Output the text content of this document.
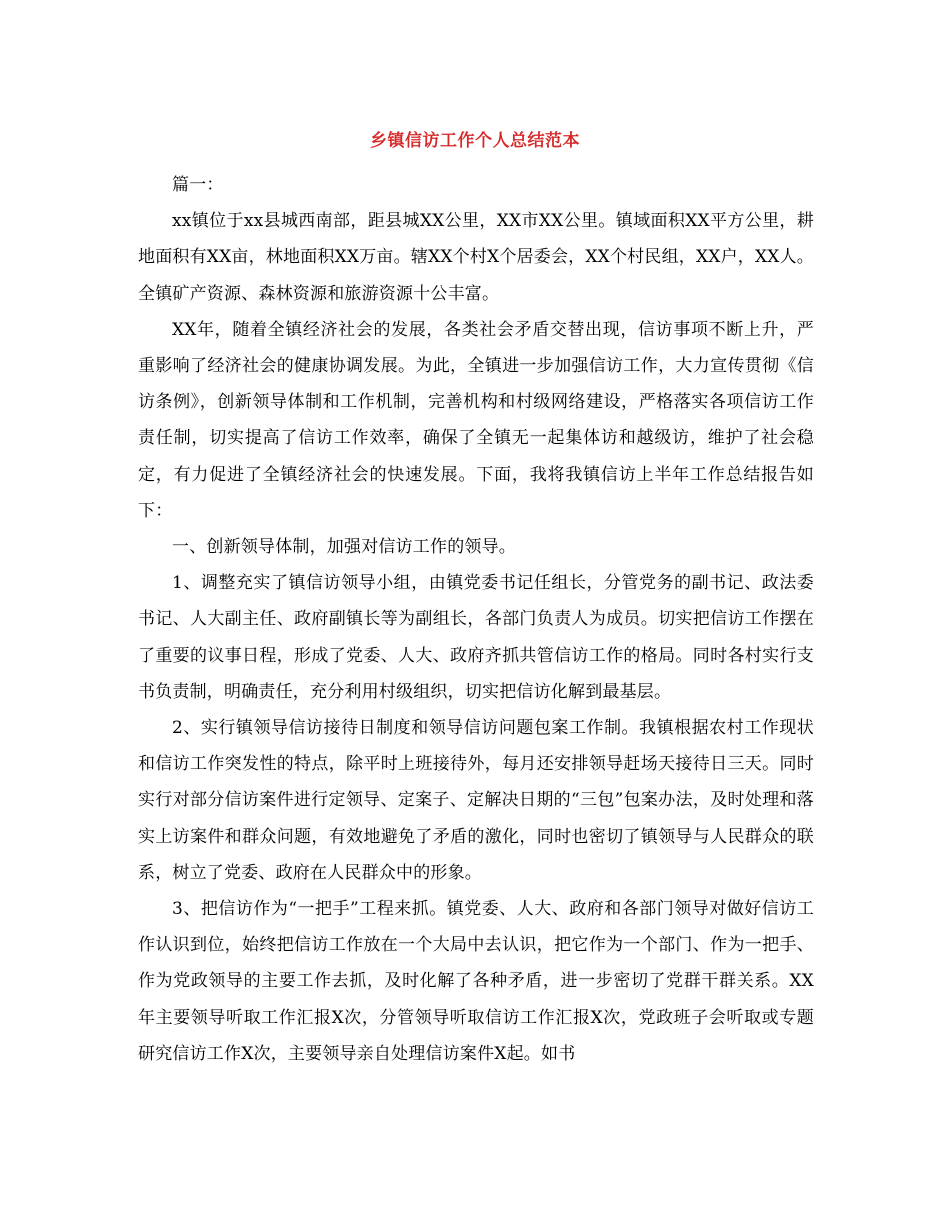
乡镇信访工作个人总结范本

篇一：

xx镇位于xx县城西南部，距县城XX公里，XX市XX公里。镇域面积XX平方公里，耕地面积有XX亩，林地面积XX万亩。辖XX个村X个居委会，XX个村民组，XX户，XX人。全镇矿产资源、森林资源和旅游资源十公丰富。

XX年，随着全镇经济社会的发展，各类社会矛盾交替出现，信访事项不断上升，严重影响了经济社会的健康协调发展。为此，全镇进一步加强信访工作，大力宣传贯彻《信访条例》，创新领导体制和工作机制，完善机构和村级网络建设，严格落实各项信访工作责任制，切实提高了信访工作效率，确保了全镇无一起集体访和越级访，维护了社会稳定，有力促进了全镇经济社会的快速发展。下面，我将我镇信访上半年工作总结报告如下：

一、创新领导体制，加强对信访工作的领导。

1、调整充实了镇信访领导小组，由镇党委书记任组长，分管党务的副书记、政法委书记、人大副主任、政府副镇长等为副组长，各部门负责人为成员。切实把信访工作摆在了重要的议事日程，形成了党委、人大、政府齐抓共管信访工作的格局。同时各村实行支书负责制，明确责任，充分利用村级组织，切实把信访化解到最基层。

2、实行镇领导信访接待日制度和领导信访问题包案工作制。我镇根据农村工作现状和信访工作突发性的特点，除平时上班接待外，每月还安排领导赶场天接待日三天。同时实行对部分信访案件进行定领导、定案子、定解决日期的“三包”包案办法，及时处理和落实上访案件和群众问题，有效地避免了矛盾的激化，同时也密切了镇领导与人民群众的联系，树立了党委、政府在人民群众中的形象。

3、把信访作为“一把手”工程来抓。镇党委、人大、政府和各部门领导对做好信访工作认识到位，始终把信访工作放在一个大局中去认识，把它作为一个部门、作为一把手、作为党政领导的主要工作去抓，及时化解了各种矛盾，进一步密切了党群干群关系。XX年主要领导听取工作汇报X次，分管领导听取信访工作汇报X次，党政班子会听取或专题研究信访工作X次，主要领导亲自处理信访案件X起。如书
